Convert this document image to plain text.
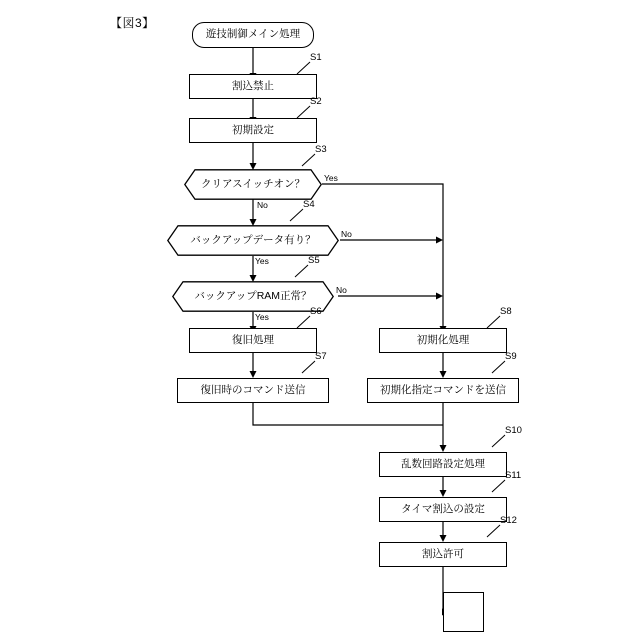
【図3】
遊技制御メイン処理
割込禁止
S1
初期設定
S2
クリアスイッチオン？
S3
Yes
No
バックアップデータ有り？
S4
No
Yes
バックアップRAM正常？
S5
No
Yes
復旧処理
S6
復旧時のコマンド送信
S7
初期化処理
S8
初期化指定コマンドを送信
S9
乱数回路設定処理
S10
タイマ割込の設定
S11
割込許可
S12
